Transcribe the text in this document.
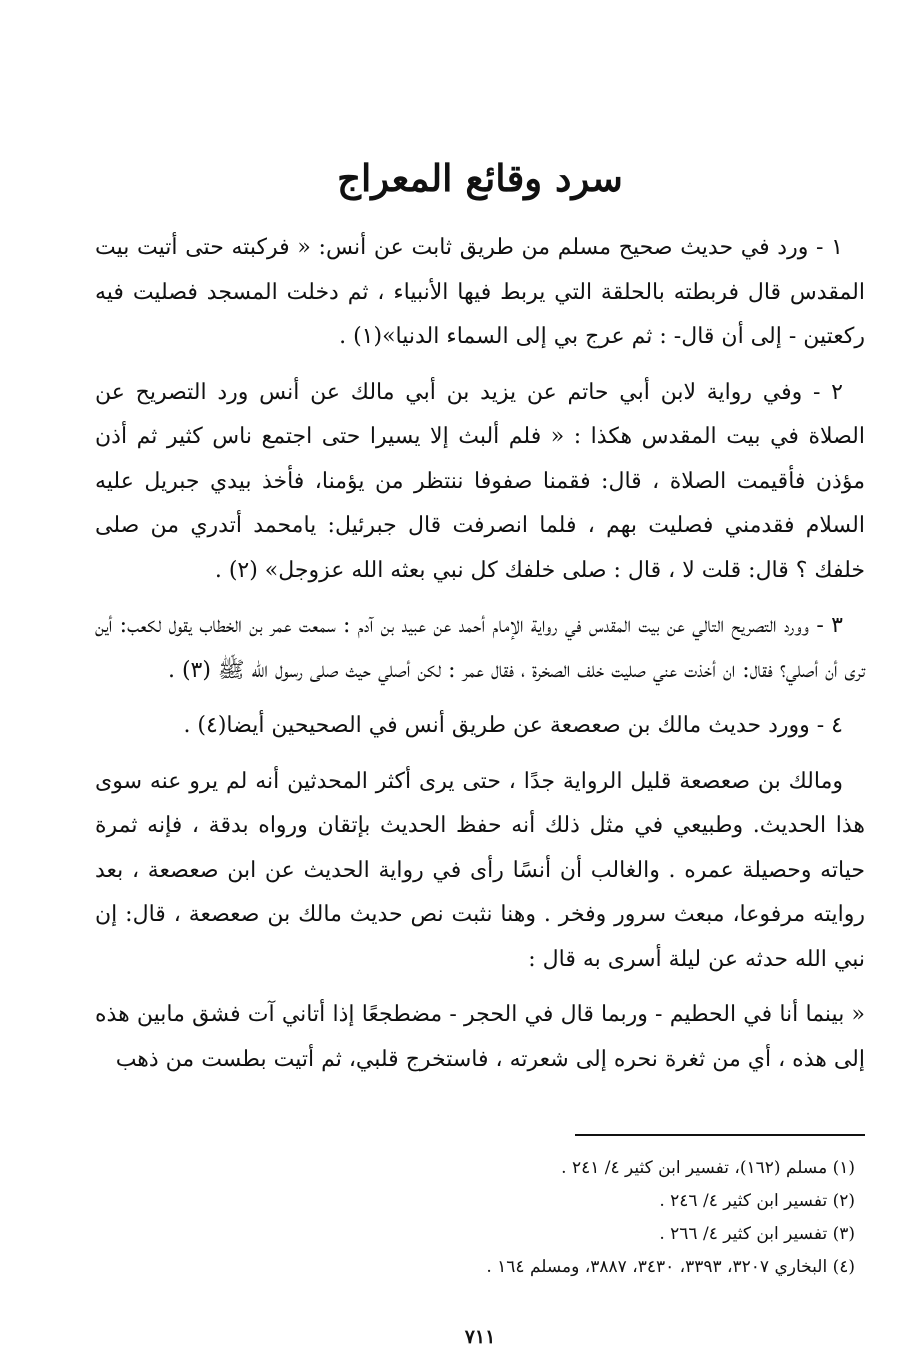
سرد وقائع المعراج

١ - ورد في حديث صحيح مسلم من طريق ثابت عن أنس: « فركبته حتى أتيت بيت المقدس قال فربطته بالحلقة التي يربط فيها الأنبياء ، ثم دخلت المسجد فصليت فيه ركعتين - إلى أن قال- : ثم عرج بي إلى السماء الدنيا»(١) .

٢ - وفي رواية لابن أبي حاتم عن يزيد بن أبي مالك عن أنس ورد التصريح عن الصلاة في بيت المقدس هكذا : « فلم ألبث إلا يسيرا حتى اجتمع ناس كثير ثم أذن مؤذن فأقيمت الصلاة ، قال: فقمنا صفوفا ننتظر من يؤمنا، فأخذ بيدي جبريل عليه السلام فقدمني فصليت بهم ، فلما انصرفت قال جبرئيل: يامحمد أتدري من صلى خلفك ؟ قال: قلت لا ، قال : صلى خلفك كل نبي بعثه الله عزوجل» (٢) .

٣ - وورد التصريح التالي عن بيت المقدس في رواية الإمام أحمد عن عبيد بن آدم : سمعت عمر بن الخطاب يقول لكعب: أين ترى أن أصلي؟ فقال: ان أخذت عني صليت خلف الصخرة ، فقال عمر : لكن أصلي حيث صلى رسول الله ﷺ (٣) .

٤ - وورد حديث مالك بن صعصعة عن طريق أنس في الصحيحين أيضا(٤) .

ومالك بن صعصعة قليل الرواية جدًا ، حتى يرى أكثر المحدثين أنه لم يرو عنه سوى هذا الحديث. وطبيعي في مثل ذلك أنه حفظ الحديث بإتقان ورواه بدقة ، فإنه ثمرة حياته وحصيلة عمره . والغالب أن أنسًا رأى في رواية الحديث عن ابن صعصعة ، بعد روايته مرفوعا، مبعث سرور وفخر . وهنا نثبت نص حديث مالك بن صعصعة ، قال: إن نبي الله حدثه عن ليلة أسرى به قال :

« بينما أنا في الحطيم - وربما قال في الحجر - مضطجعًا إذا أتاني آت فشق مابين هذه إلى هذه ، أي من ثغرة نحره إلى شعرته ، فاستخرج قلبي، ثم أتيت بطست من ذهب

(١) مسلم (١٦٢)، تفسير ابن كثير ٤/ ٢٤١ .

(٢) تفسير ابن كثير ٤/ ٢٤٦ .

(٣) تفسير ابن كثير ٤/ ٢٦٦ .

(٤) البخاري ٣٢٠٧، ٣٣٩٣، ٣٤٣٠، ٣٨٨٧، ومسلم ١٦٤ .

٧١١
